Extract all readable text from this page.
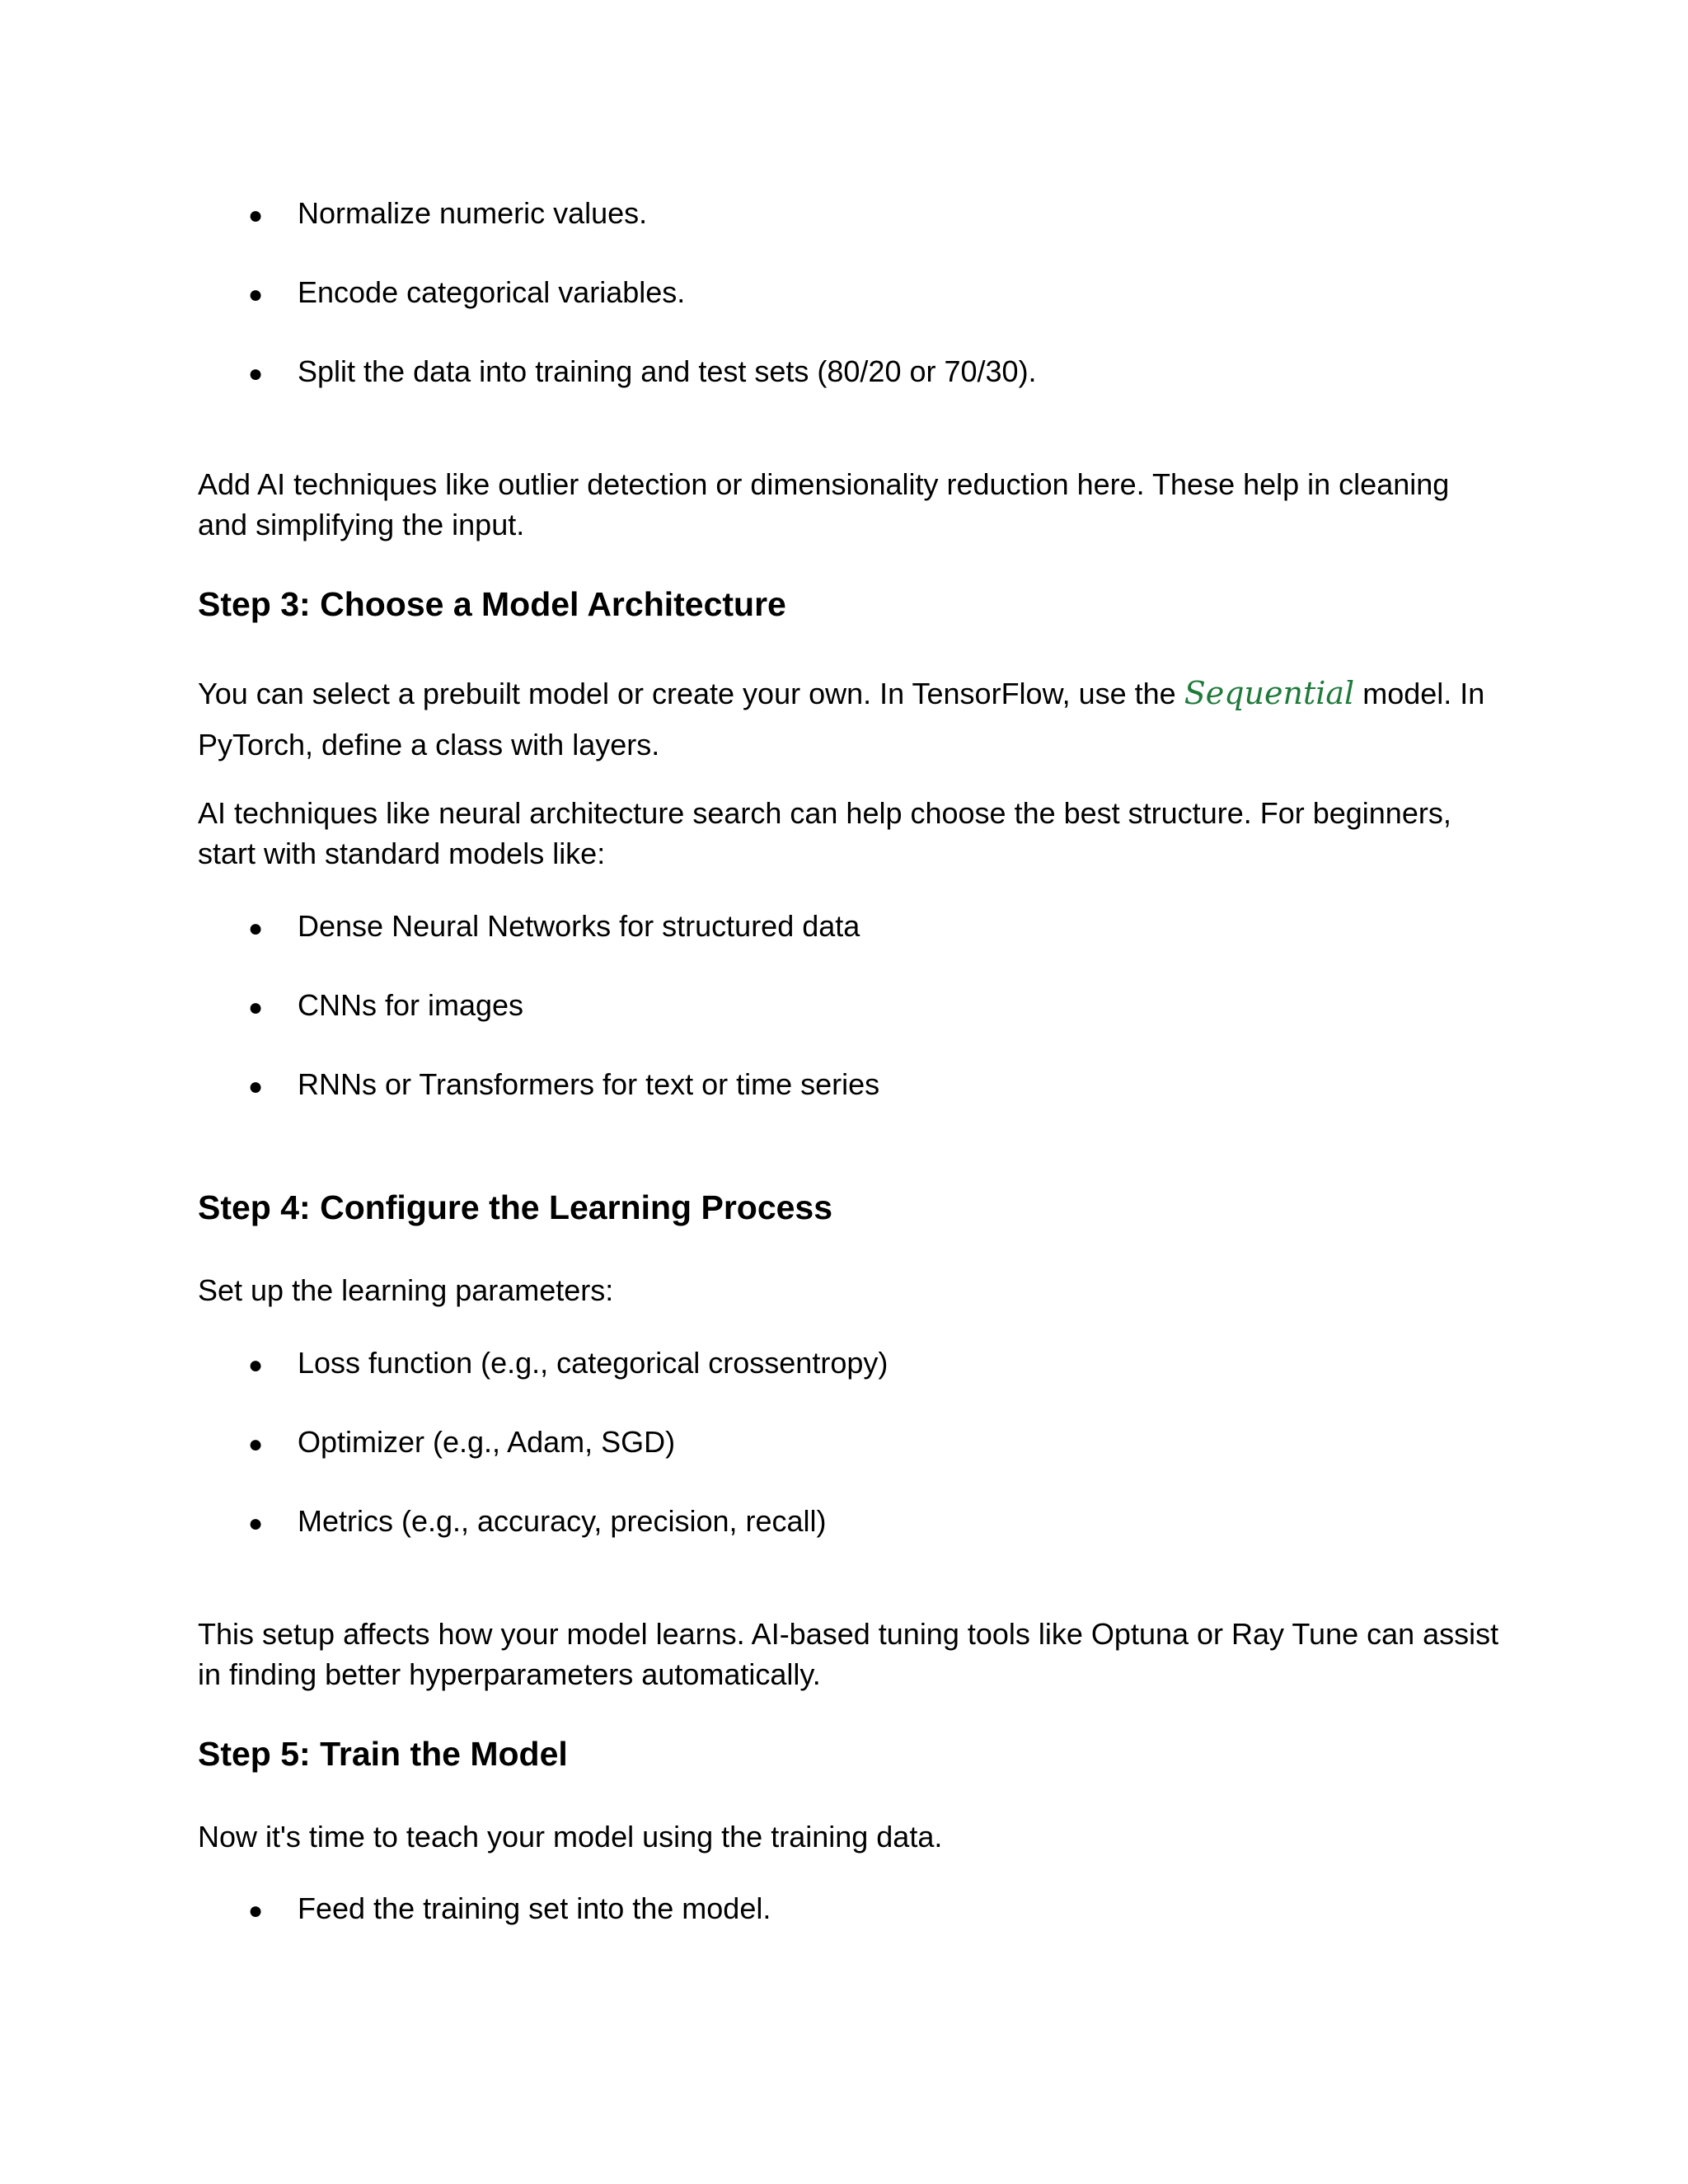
● Normalize numeric values.
● Encode categorical variables.
● Split the data into training and test sets (80/20 or 70/30).
Add AI techniques like outlier detection or dimensionality reduction here. These help in cleaning and simplifying the input.
Step 3: Choose a Model Architecture
You can select a prebuilt model or create your own. In TensorFlow, use the Sequential model. In PyTorch, define a class with layers.
AI techniques like neural architecture search can help choose the best structure. For beginners, start with standard models like:
● Dense Neural Networks for structured data
● CNNs for images
● RNNs or Transformers for text or time series
Step 4: Configure the Learning Process
Set up the learning parameters:
● Loss function (e.g., categorical crossentropy)
● Optimizer (e.g., Adam, SGD)
● Metrics (e.g., accuracy, precision, recall)
This setup affects how your model learns. AI-based tuning tools like Optuna or Ray Tune can assist in finding better hyperparameters automatically.
Step 5: Train the Model
Now it's time to teach your model using the training data.
● Feed the training set into the model.
